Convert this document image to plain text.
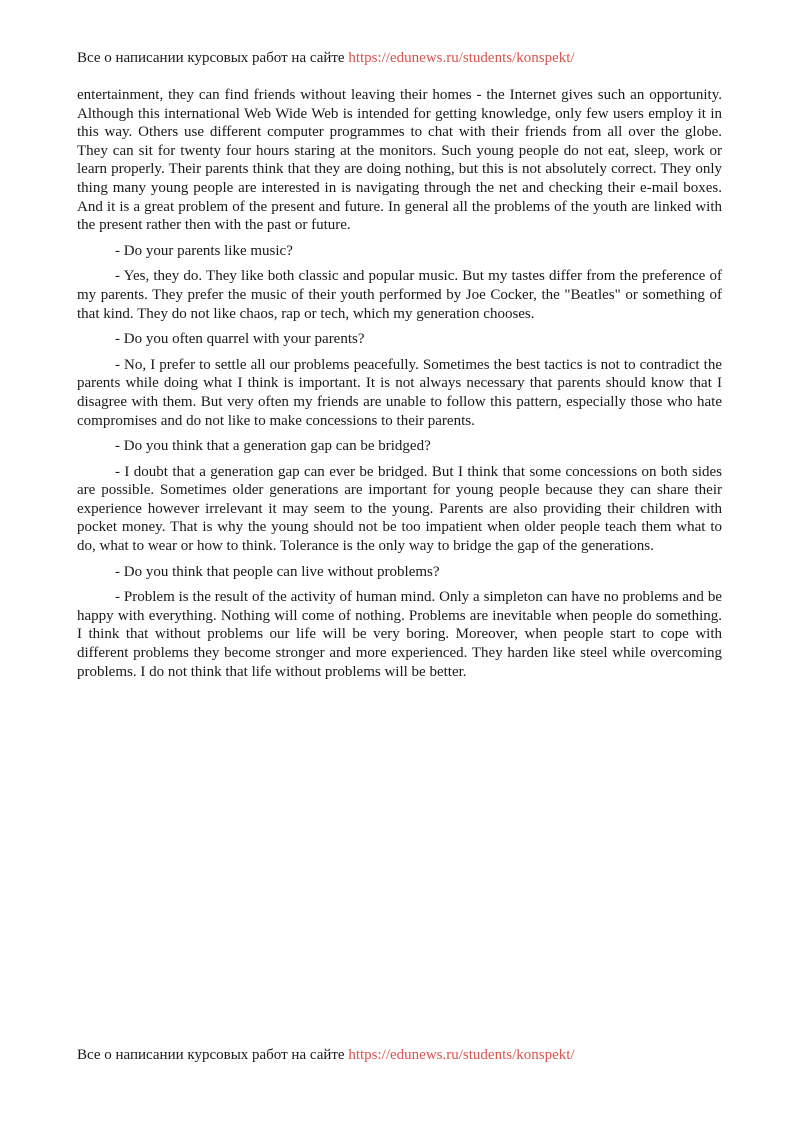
Все о написании курсовых работ на сайте https://edunews.ru/students/konspekt/

entertainment, they can find friends without leaving their homes - the Internet gives such an opportunity. Although this international Web Wide Web is intended for getting knowledge, only few users employ it in this way. Others use different computer programmes to chat with their friends from all over the globe. They can sit for twenty four hours staring at the monitors. Such young people do not eat, sleep, work or learn properly. Their parents think that they are doing nothing, but this is not absolutely correct. They only thing many young people are interested in is navigating through the net and checking their e-mail boxes. And it is a great problem of the present and future. In general all the problems of the youth are linked with the present rather then with the past or future.

- Do your parents like music?

- Yes, they do. They like both classic and popular music. But my tastes differ from the preference of my parents. They prefer the music of their youth performed by Joe Cocker, the "Beatles" or something of that kind. They do not like chaos, rap or tech, which my generation chooses.

- Do you often quarrel with your parents?

- No, I prefer to settle all our problems peacefully. Sometimes the best tactics is not to contradict the parents while doing what I think is important. It is not always necessary that parents should know that I disagree with them. But very often my friends are unable to follow this pattern, especially those who hate compromises and do not like to make concessions to their parents.

- Do you think that a generation gap can be bridged?

- I doubt that a generation gap can ever be bridged. But I think that some concessions on both sides are possible. Sometimes older generations are important for young people because they can share their experience however irrelevant it may seem to the young. Parents are also providing their children with pocket money. That is why the young should not be too impatient when older people teach them what to do, what to wear or how to think. Tolerance is the only way to bridge the gap of the generations.

- Do you think that people can live without problems?

- Problem is the result of the activity of human mind. Only a simpleton can have no problems and be happy with everything. Nothing will come of nothing. Problems are inevitable when people do something. I think that without problems our life will be very boring. Moreover, when people start to cope with different problems they become stronger and more experienced. They harden like steel while overcoming problems. I do not think that life without problems will be better.

Все о написании курсовых работ на сайте https://edunews.ru/students/konspekt/
